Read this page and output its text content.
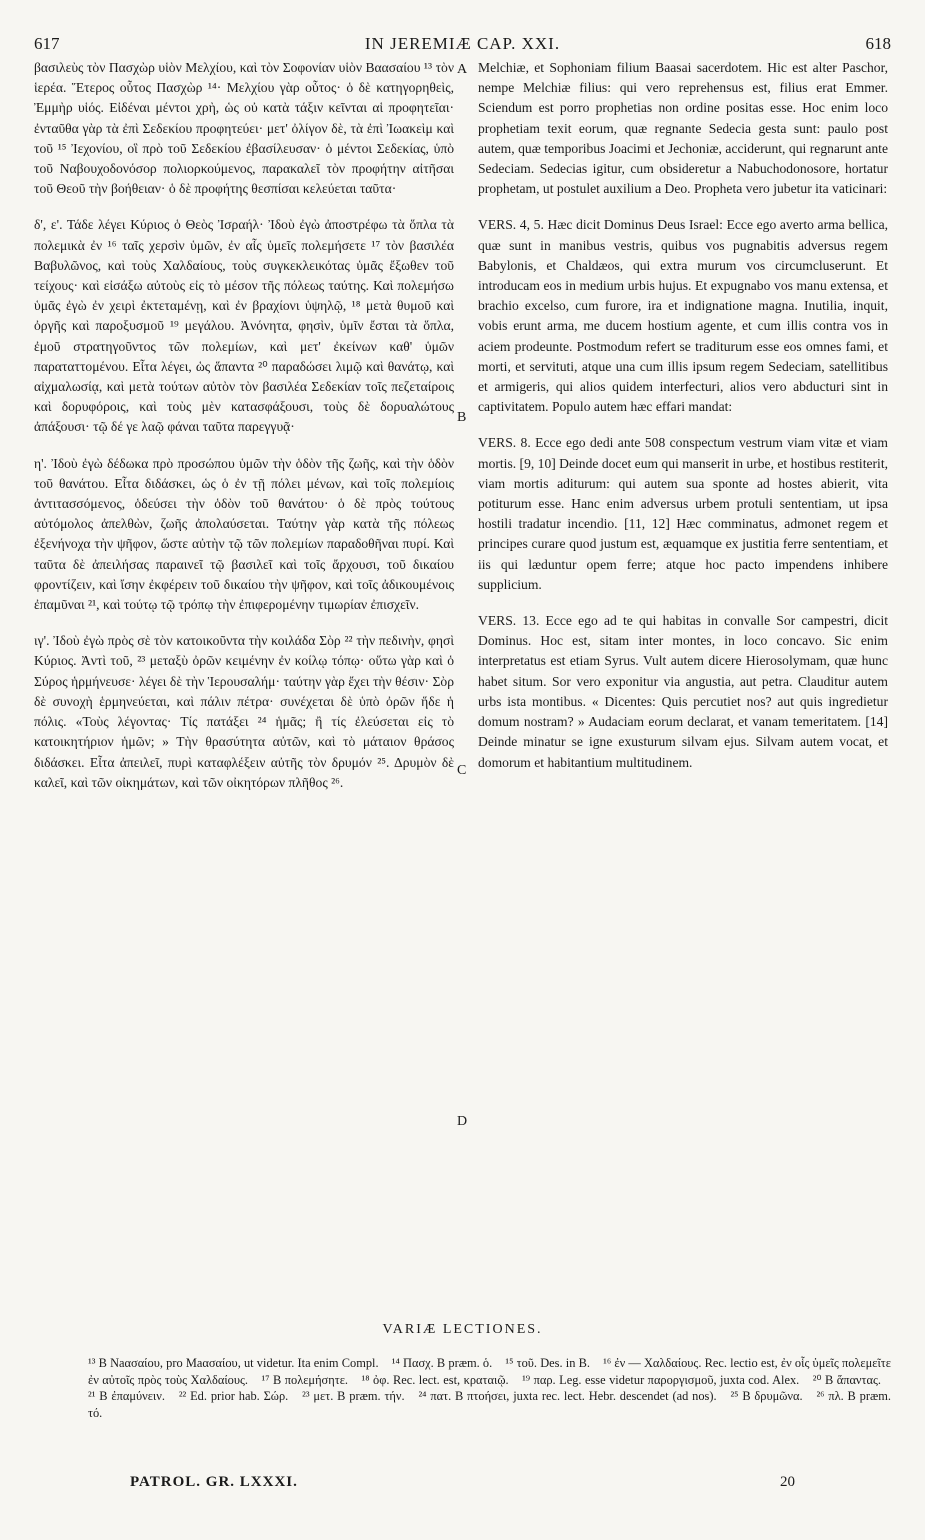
617	IN JEREMIÆ CAP. XXI.	618

βασιλεὺς τὸν Πασχὼρ υἱὸν Μελχίου, καὶ τὸν Σοφονίαν υἱὸν Βαασαίου ¹³ τὸν ἱερέα. Ἕτερος οὗτος Πασχὼρ ¹⁴· Μελχίου γὰρ οὗτος· ὁ δὲ κατηγορηθεὶς, Ἐμμὴρ υἱός. Εἰδέναι μέντοι χρὴ, ὡς οὐ κατὰ τάξιν κεῖνται αἱ προφητεῖαι· ἐνταῦθα γὰρ τὰ ἐπὶ Σεδεκίου προφητεύει· μετ' ὀλίγον δὲ, τὰ ἐπὶ Ἰωακεὶμ καὶ τοῦ ¹⁵ Ἰεχονίου, οἳ πρὸ τοῦ Σεδεκίου ἐβασίλευσαν· ὁ μέντοι Σεδεκίας, ὑπὸ τοῦ Ναβουχοδονόσορ πολιορκούμενος, παρακαλεῖ τὸν προφήτην αἰτῆσαι τοῦ Θεοῦ τὴν βοήθειαν· ὁ δὲ προφήτης θεσπίσαι κελεύεται ταῦτα·

δ', ε'. Τάδε λέγει Κύριος ὁ Θεὸς Ἰσραήλ· Ἰδοὺ ἐγὼ ἀποστρέφω τὰ ὅπλα τὰ πολεμικὰ ἐν ¹⁶ ταῖς χερσὶν ὑμῶν, ἐν αἷς ὑμεῖς πολεμήσετε ¹⁷ τὸν βασιλέα Βαβυλῶνος, καὶ τοὺς Χαλδαίους, τοὺς συγκεκλεικότας ὑμᾶς ἔξωθεν τοῦ τείχους· καὶ εἰσάξω αὐτοὺς εἰς τὸ μέσον τῆς πόλεως ταύτης. Καὶ πολεμήσω ὑμᾶς ἐγὼ ἐν χειρὶ ἐκτεταμένῃ, καὶ ἐν βραχίονι ὑψηλῷ, ¹⁸ μετὰ θυμοῦ καὶ ὀργῆς καὶ παροξυσμοῦ ¹⁹ μεγάλου. Ἀνόνητα, φησὶν, ὑμῖν ἔσται τὰ ὅπλα, ἐμοῦ στρατηγοῦντος τῶν πολεμίων, καὶ μετ' ἐκείνων καθ' ὑμῶν παραταττομένου. Εἶτα λέγει, ὡς ἅπαντα ²⁰ παραδώσει λιμῷ καὶ θανάτῳ, καὶ αἰχμαλωσίᾳ, καὶ μετὰ τούτων αὐτὸν τὸν βασιλέα Σεδεκίαν τοῖς πεζεταίροις καὶ δορυφόροις, καὶ τοὺς μὲν κατασφάξουσι, τοὺς δὲ δορυαλώτους ἀπάξουσι· τῷ δέ γε λαῷ φάναι ταῦτα παρεγγυᾷ·

η'. Ἰδοὺ ἐγὼ δέδωκα πρὸ προσώπου ὑμῶν τὴν ὁδὸν τῆς ζωῆς, καὶ τὴν ὁδὸν τοῦ θανάτου. Εἶτα διδάσκει, ὡς ὁ ἐν τῇ πόλει μένων, καὶ τοῖς πολεμίοις ἀντιτασσόμενος, ὁδεύσει τὴν ὁδὸν τοῦ θανάτου· ὁ δὲ πρὸς τούτους αὐτόμολος ἀπελθὼν, ζωῆς ἀπολαύσεται. Ταύτην γὰρ κατὰ τῆς πόλεως ἐξενήνοχα τὴν ψῆφον, ὥστε αὐτὴν τῷ τῶν πολεμίων παραδοθῆναι πυρί. Καὶ ταῦτα δὲ ἀπειλήσας παραινεῖ τῷ βασιλεῖ καὶ τοῖς ἄρχουσι, τοῦ δικαίου φροντίζειν, καὶ ἴσην ἐκφέρειν τοῦ δικαίου τὴν ψῆφον, καὶ τοῖς ἀδικουμένοις ἐπαμῦναι ²¹, καὶ τούτῳ τῷ τρόπῳ τὴν ἐπιφερομένην τιμωρίαν ἐπισχεῖν.

ιγ'. Ἰδοὺ ἐγὼ πρὸς σὲ τὸν κατοικοῦντα τὴν κοιλάδα Σὸρ ²² τὴν πεδινὴν, φησὶ Κύριος. Ἀντὶ τοῦ, ²³ μεταξὺ ὀρῶν κειμένην ἐν κοίλῳ τόπῳ· οὕτω γὰρ καὶ ὁ Σύρος ἡρμήνευσε· λέγει δὲ τὴν Ἱερουσαλήμ· ταύτην γὰρ ἔχει τὴν θέσιν· Σὸρ δὲ συνοχὴ ἑρμηνεύεται, καὶ πάλιν πέτρα· συνέχεται δὲ ὑπὸ ὀρῶν ἥδε ἡ πόλις. «Τοὺς λέγοντας· Τίς πατάξει ²⁴ ἡμᾶς; ἢ τίς ἐλεύσεται εἰς τὸ κατοικητήριον ἡμῶν; » Τὴν θρασύτητα αὐτῶν, καὶ τὸ μάταιον θράσος διδάσκει. Εἶτα ἀπειλεῖ, πυρὶ καταφλέξειν αὐτῆς τὸν δρυμόν ²⁵. Δρυμὸν δὲ καλεῖ, καὶ τῶν οἰκημάτων, καὶ τῶν οἰκητόρων πλῆθος ²⁶.

A
B
C
D

Melchiæ, et Sophoniam filium Baasai sacerdotem. Hic est alter Paschor, nempe Melchiæ filius: qui vero reprehensus est, filius erat Emmer. Sciendum est porro prophetias non ordine positas esse. Hoc enim loco prophetiam texit eorum, quæ regnante Sedecia gesta sunt: paulo post autem, quæ temporibus Joacimi et Jechoniæ, acciderunt, qui regnarunt ante Sedeciam. Sedecias igitur, cum obsideretur a Nabuchodonosore, hortatur prophetam, ut postulet auxilium a Deo. Propheta vero jubetur ita vaticinari:

VERS. 4, 5. Hæc dicit Dominus Deus Israel: Ecce ego averto arma bellica, quæ sunt in manibus vestris, quibus vos pugnabitis adversus regem Babylonis, et Chaldæos, qui extra murum vos circumcluserunt. Et introducam eos in medium urbis hujus. Et expugnabo vos manu extensa, et brachio excelso, cum furore, ira et indignatione magna. Inutilia, inquit, vobis erunt arma, me ducem hostium agente, et cum illis contra vos in aciem prodeunte. Postmodum refert se traditurum esse eos omnes fami, et morti, et servituti, atque una cum illis ipsum regem Sedeciam, satellitibus et armigeris, qui alios quidem interfecturi, alios vero abducturi sint in captivitatem. Populo autem hæc effari mandat:

VERS. 8. Ecce ego dedi ante 508 conspectum vestrum viam vitæ et viam mortis. [9, 10] Deinde docet eum qui manserit in urbe, et hostibus restiterit, viam mortis aditurum: qui autem sua sponte ad hostes abierit, vita potiturum esse. Hanc enim adversus urbem protuli sententiam, ut ipsa hostili tradatur incendio. [11, 12] Hæc comminatus, admonet regem et principes curare quod justum est, æquamque ex justitia ferre sententiam, et iis qui læduntur opem ferre; atque hoc pacto impendens inhibere supplicium.

VERS. 13. Ecce ego ad te qui habitas in convalle Sor campestri, dicit Dominus. Hoc est, sitam inter montes, in loco concavo. Sic enim interpretatus est etiam Syrus. Vult autem dicere Hierosolymam, quæ hunc habet situm. Sor vero exponitur via angustia, aut petra. Clauditur autem urbs ista montibus. « Dicentes: Quis percutiet nos? aut quis ingredietur domum nostram? » Audaciam eorum declarat, et vanam temeritatem. [14] Deinde minatur se igne exusturum silvam ejus. Silvam autem vocat, et domorum et habitantium multitudinem.

VARIÆ LECTIONES.
¹³ B Νaασαίου, pro Μaασαίου, ut videtur. Ita enim Compl. ¹⁴ Πασχ. B præm. ὁ. ¹⁵ τοῦ. Des. in B. ¹⁶ ἐν — Χαλδαίους. Rec. lectio est, ἐν οἷς ὑμεῖς πολεμεῖτε ἐν αὐτοῖς πρὸς τοὺς Χαλδαίους. ¹⁷ B πολεμήσητε. ¹⁸ ὀφ. Rec. lect. est, κραταιῷ. ¹⁹ παρ. Leg. esse videtur παροργισμοῦ, juxta cod. Alex. ²⁰ B ἅπαντας. ²¹ B ἐπαμύνειν. ²² Ed. prior hab. Σώρ. ²³ μετ. B præm. τήν. ²⁴ πατ. B πτοήσει, juxta rec. lect. Hebr. descendet (ad nos). ²⁵ B δρυμῶνα. ²⁶ πλ. B præm. τό.
PATROL. GR. LXXXI.	20
